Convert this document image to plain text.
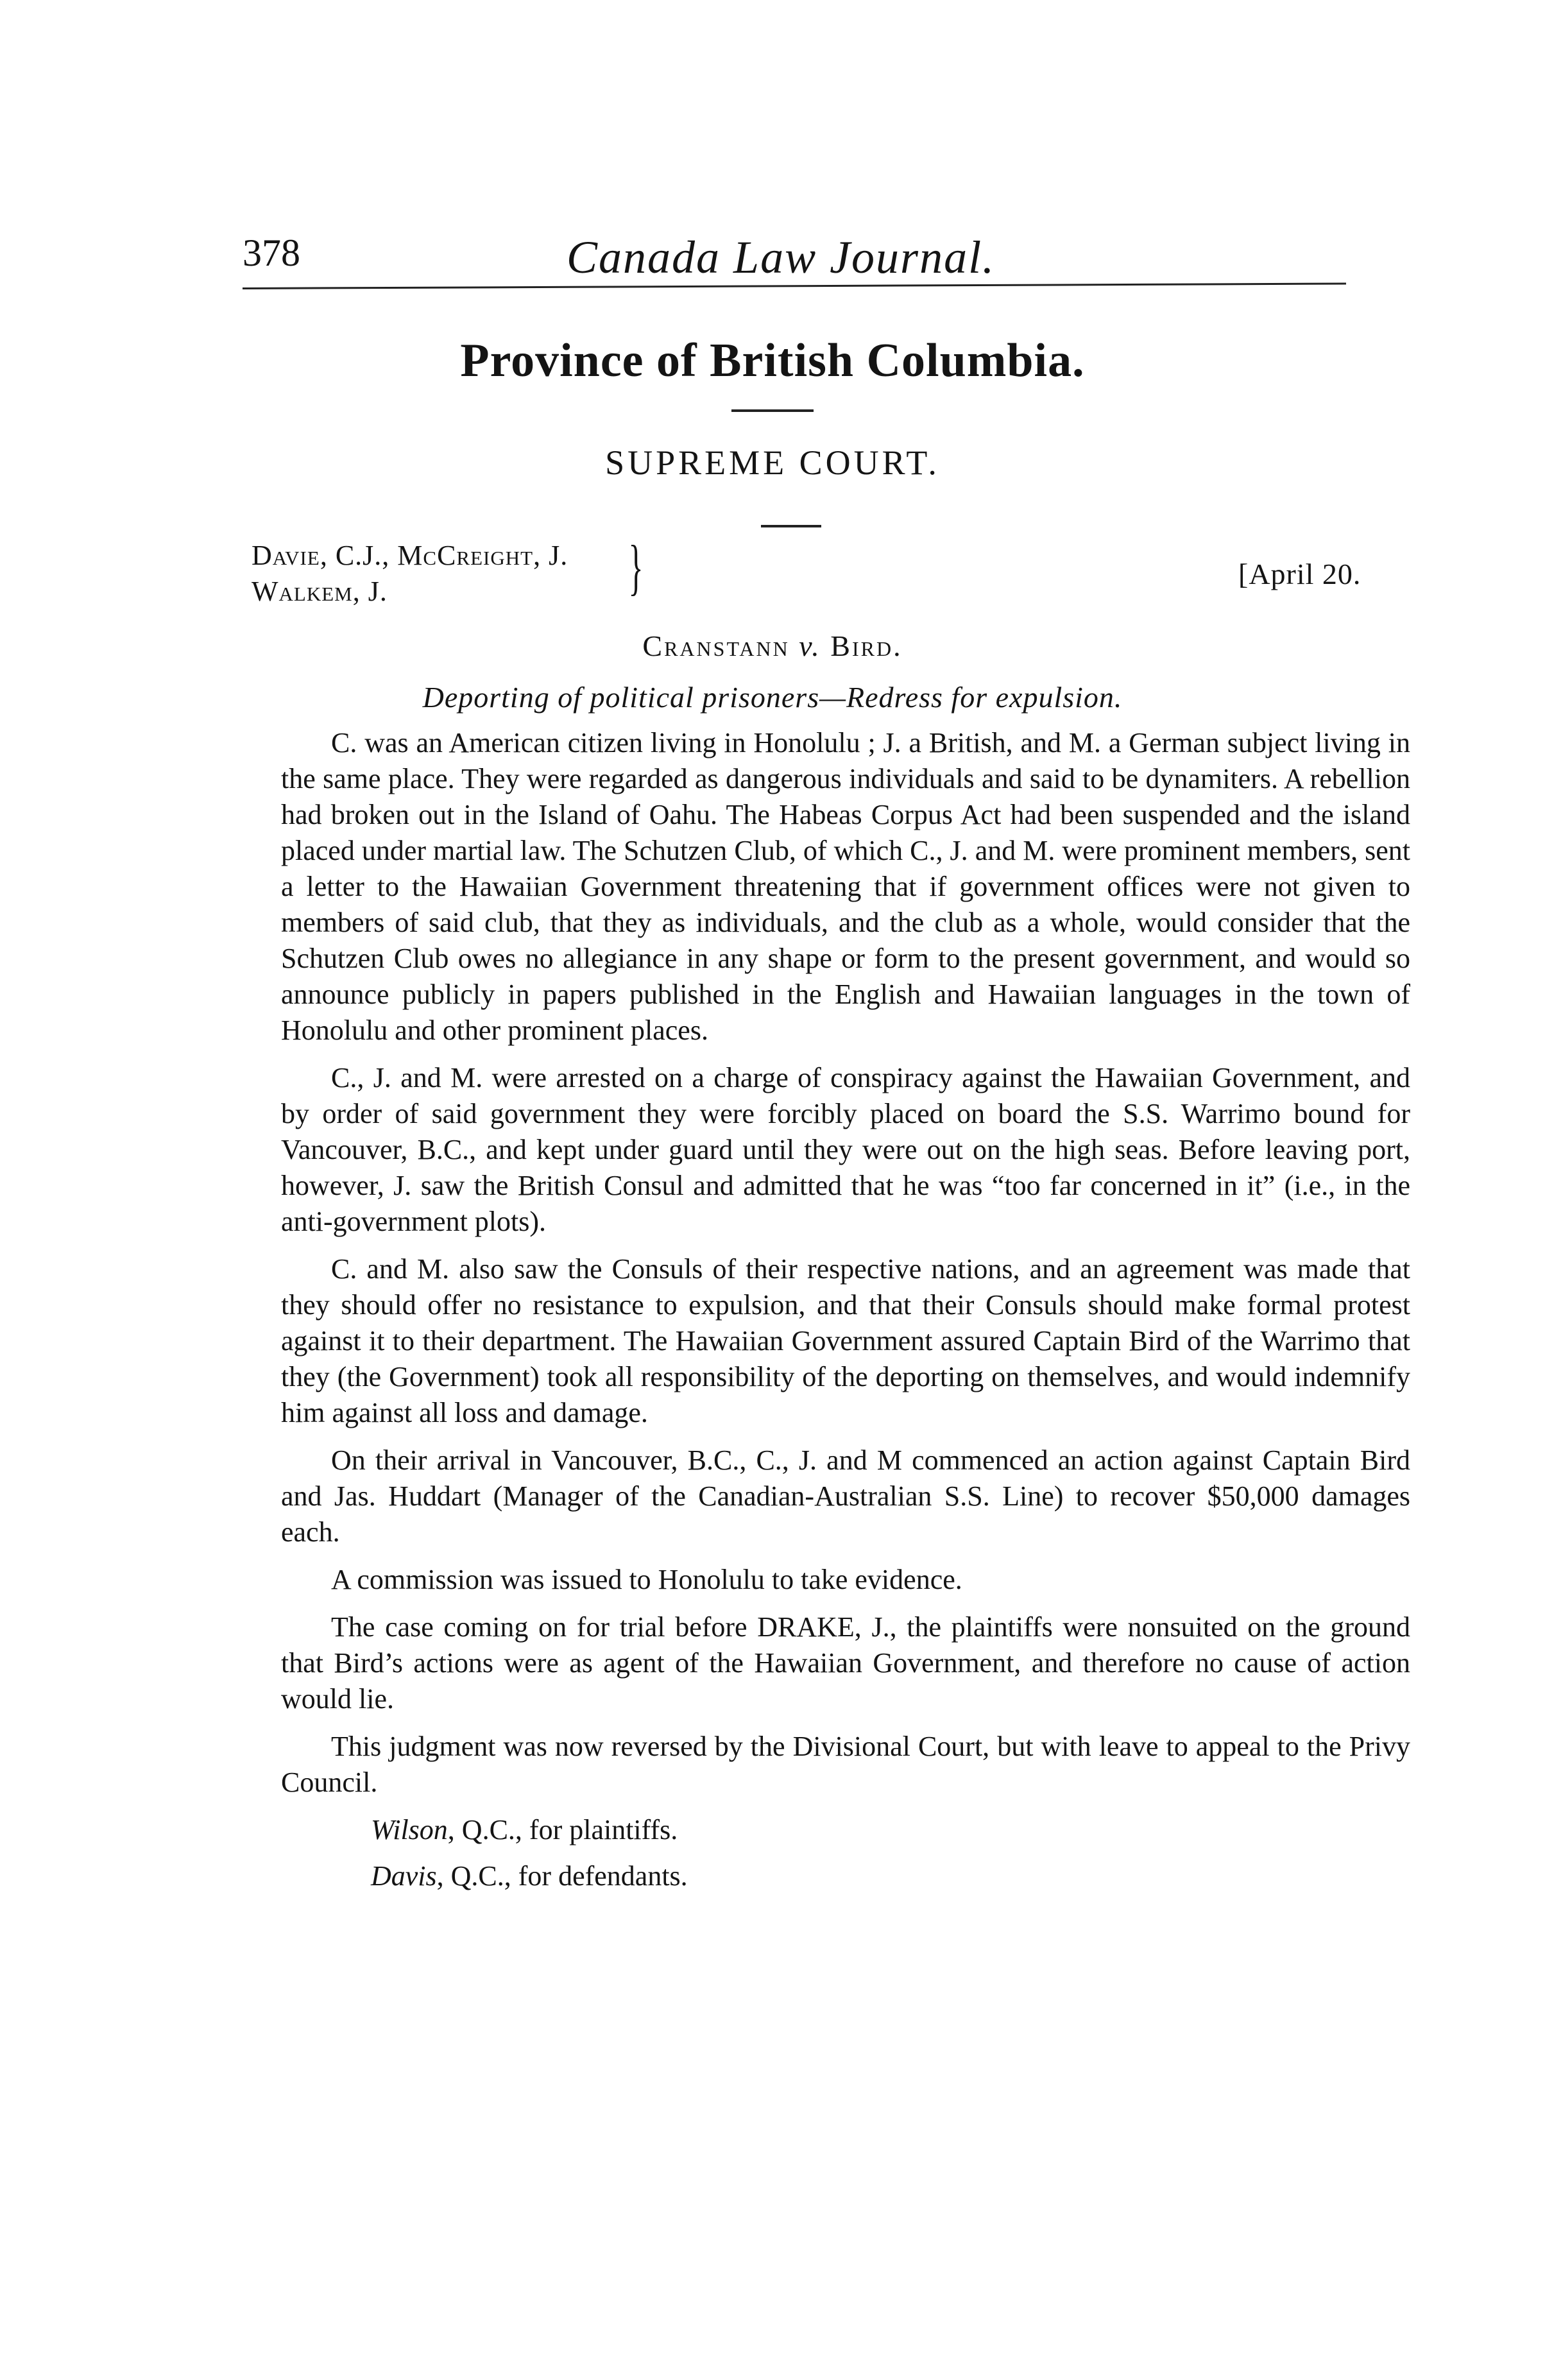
378	Canada Law Journal.
Province of British Columbia.
SUPREME COURT.
Davie, C.J., McCreight, J.
Walkem, J.	}	[April 20.
Cranstann v. Bird.
Deporting of political prisoners—Redress for expulsion.

C. was an American citizen living in Honolulu ; J. a British, and M. a German subject living in the same place. They were regarded as dangerous individuals and said to be dynamiters. A rebellion had broken out in the Island of Oahu. The Habeas Corpus Act had been suspended and the island placed under martial law. The Schutzen Club, of which C., J. and M. were prominent members, sent a letter to the Hawaiian Government threatening that if government offices were not given to members of said club, that they as individuals, and the club as a whole, would consider that the Schutzen Club owes no allegiance in any shape or form to the present government, and would so announce publicly in papers published in the English and Hawaiian languages in the town of Honolulu and other prominent places.

C., J. and M. were arrested on a charge of conspiracy against the Hawaiian Government, and by order of said government they were forcibly placed on board the S.S. Warrimo bound for Vancouver, B.C., and kept under guard until they were out on the high seas. Before leaving port, however, J. saw the British Consul and admitted that he was “too far concerned in it” (i.e., in the anti-government plots).

C. and M. also saw the Consuls of their respective nations, and an agreement was made that they should offer no resistance to expulsion, and that their Consuls should make formal protest against it to their department. The Hawaiian Government assured Captain Bird of the Warrimo that they (the Government) took all responsibility of the deporting on themselves, and would indemnify him against all loss and damage.

On their arrival in Vancouver, B.C., C., J. and M commenced an action against Captain Bird and Jas. Huddart (Manager of the Canadian-Australian S.S. Line) to recover $50,000 damages each.

A commission was issued to Honolulu to take evidence.

The case coming on for trial before DRAKE, J., the plaintiffs were nonsuited on the ground that Bird’s actions were as agent of the Hawaiian Government, and therefore no cause of action would lie.

This judgment was now reversed by the Divisional Court, but with leave to appeal to the Privy Council.

Wilson, Q.C., for plaintiffs.

Davis, Q.C., for defendants.
